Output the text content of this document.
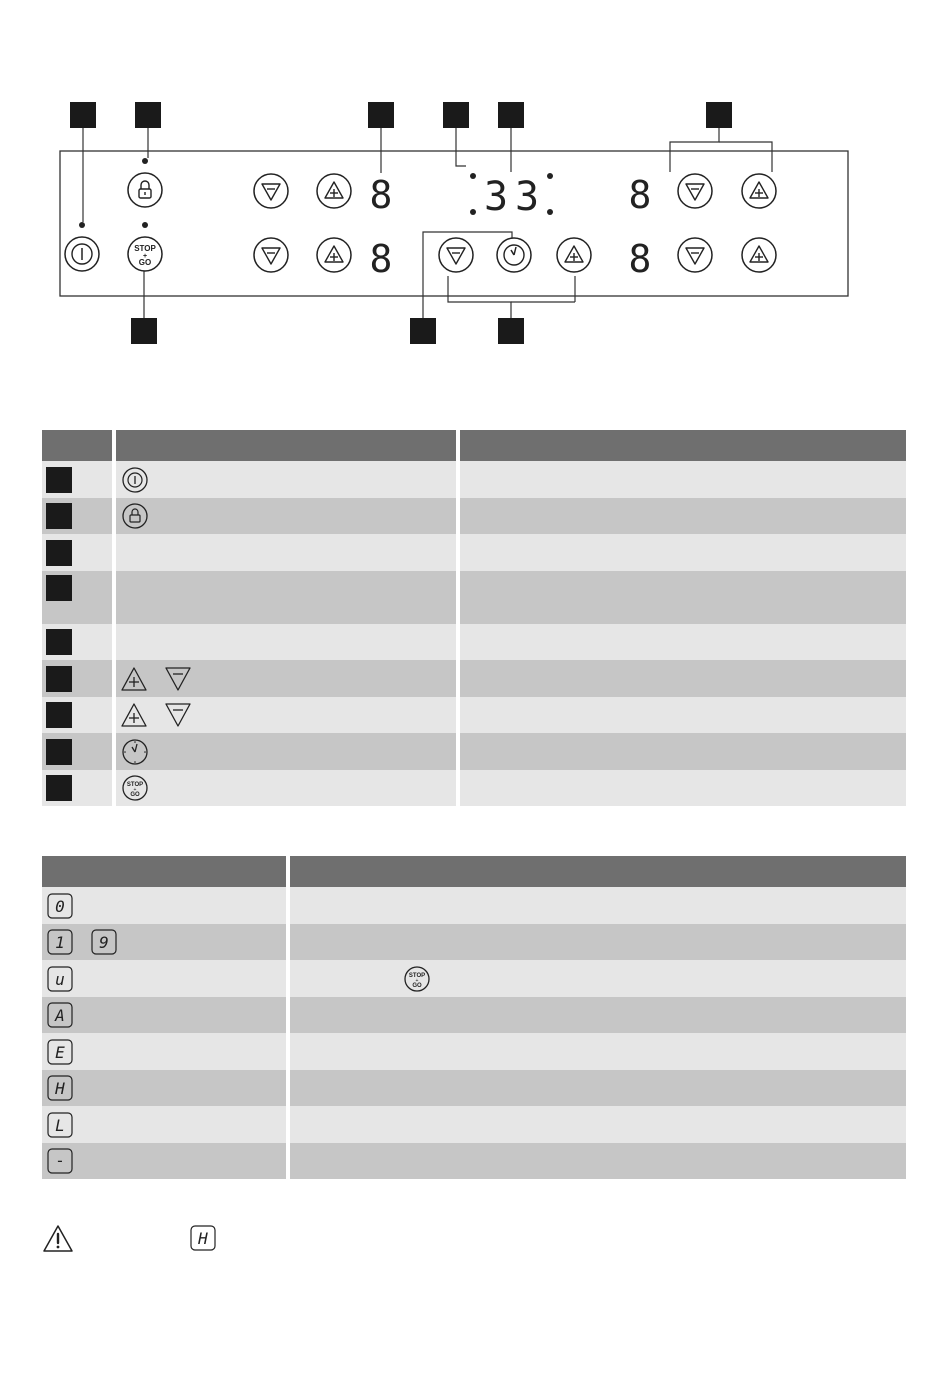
STOP
+
GO
8
8
3 3 8
8

STOP
+
GO	

0	

1 9	

u	STOP
+
GO

A	

E	

H	

L	

-	

H
